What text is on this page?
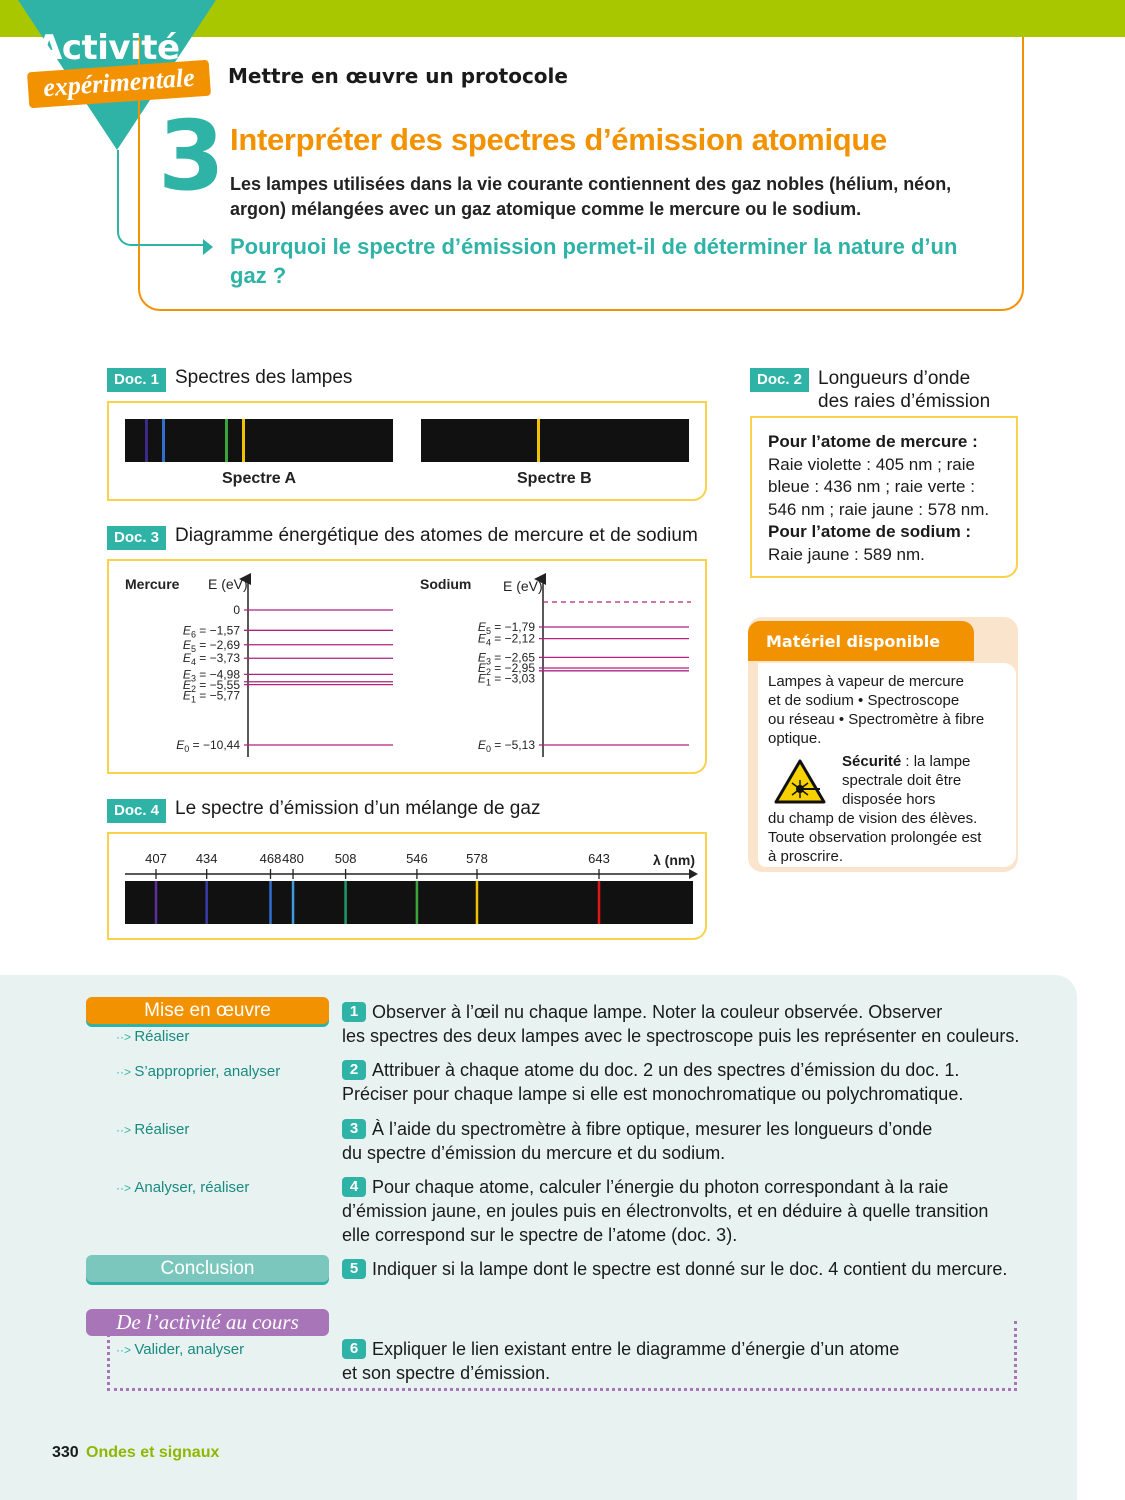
Activité
expérimentale	Mettre en œuvre un protocole
3 Interpréter des spectres d’émission atomique
Les lampes utilisées dans la vie courante contiennent des gaz nobles (hélium, néon, argon) mélangées avec un gaz atomique comme le mercure ou le sodium.
Pourquoi le spectre d’émission permet-il de déterminer la nature d’un gaz ?
Doc. 1 Spectres des lampes
Spectre A	Spectre B
Doc. 2 Longueurs d’onde
des raies d’émission
Pour l’atome de mercure :
Raie violette : 405 nm ; raie
bleue : 436 nm ; raie verte :
546 nm ; raie jaune : 578 nm.
Pour l’atome de sodium :
Raie jaune : 589 nm.
Doc. 3 Diagramme énergétique des atomes de mercure et de sodium
Mercure E (eV)
0
$E_6 = -1,57$
$E_5 = -2,69$
$E_4 = -3,73$
$E_3 = -4,98$
$E_2 = -5,55$
$E_1 = -5,77$
$E_0 = -10,44$
Sodium E (eV)
$E_5 = -1,79$
$E_4 = -2,12$
$E_3 = -2,65$
$E_2 = -2,95$
$E_1 = -3,03$
$E_0 = -5,13$
Doc. 4 Le spectre d’émission d’un mélange de gaz
λ (nm)
407 434	468 480 508	546	578	643
Matériel disponible
Lampes à vapeur de mercure
et de sodium • Spectroscope
ou réseau • Spectromètre à fibre
optique.
Sécurité : la lampe
spectrale doit être
disposée hors
du champ de vision des élèves.
Toute observation prolongée est
à proscrire.
Mise en œuvre
Conclusion
De l’activité au cours
··> Réaliser
··> S’approprier, analyser
··> Réaliser
··> Analyser, réaliser
··> Valider, analyser
1 Observer à l’œil nu chaque lampe. Noter la couleur observée. Observer
les spectres des deux lampes avec le spectroscope puis les représenter en couleurs.
2 Attribuer à chaque atome du doc. 2 un des spectres d’émission du doc. 1.
Préciser pour chaque lampe si elle est monochromatique ou polychromatique.
3 À l’aide du spectromètre à fibre optique, mesurer les longueurs d’onde
du spectre d’émission du mercure et du sodium.
4 Pour chaque atome, calculer l’énergie du photon correspondant à la raie
d’émission jaune, en joules puis en électronvolts, et en déduire à quelle transition
elle correspond sur le spectre de l’atome (doc. 3).
5 Indiquer si la lampe dont le spectre est donné sur le doc. 4 contient du mercure.
6 Expliquer le lien existant entre le diagramme d’énergie d’un atome
et son spectre d’émission.
330 Ondes et signaux
